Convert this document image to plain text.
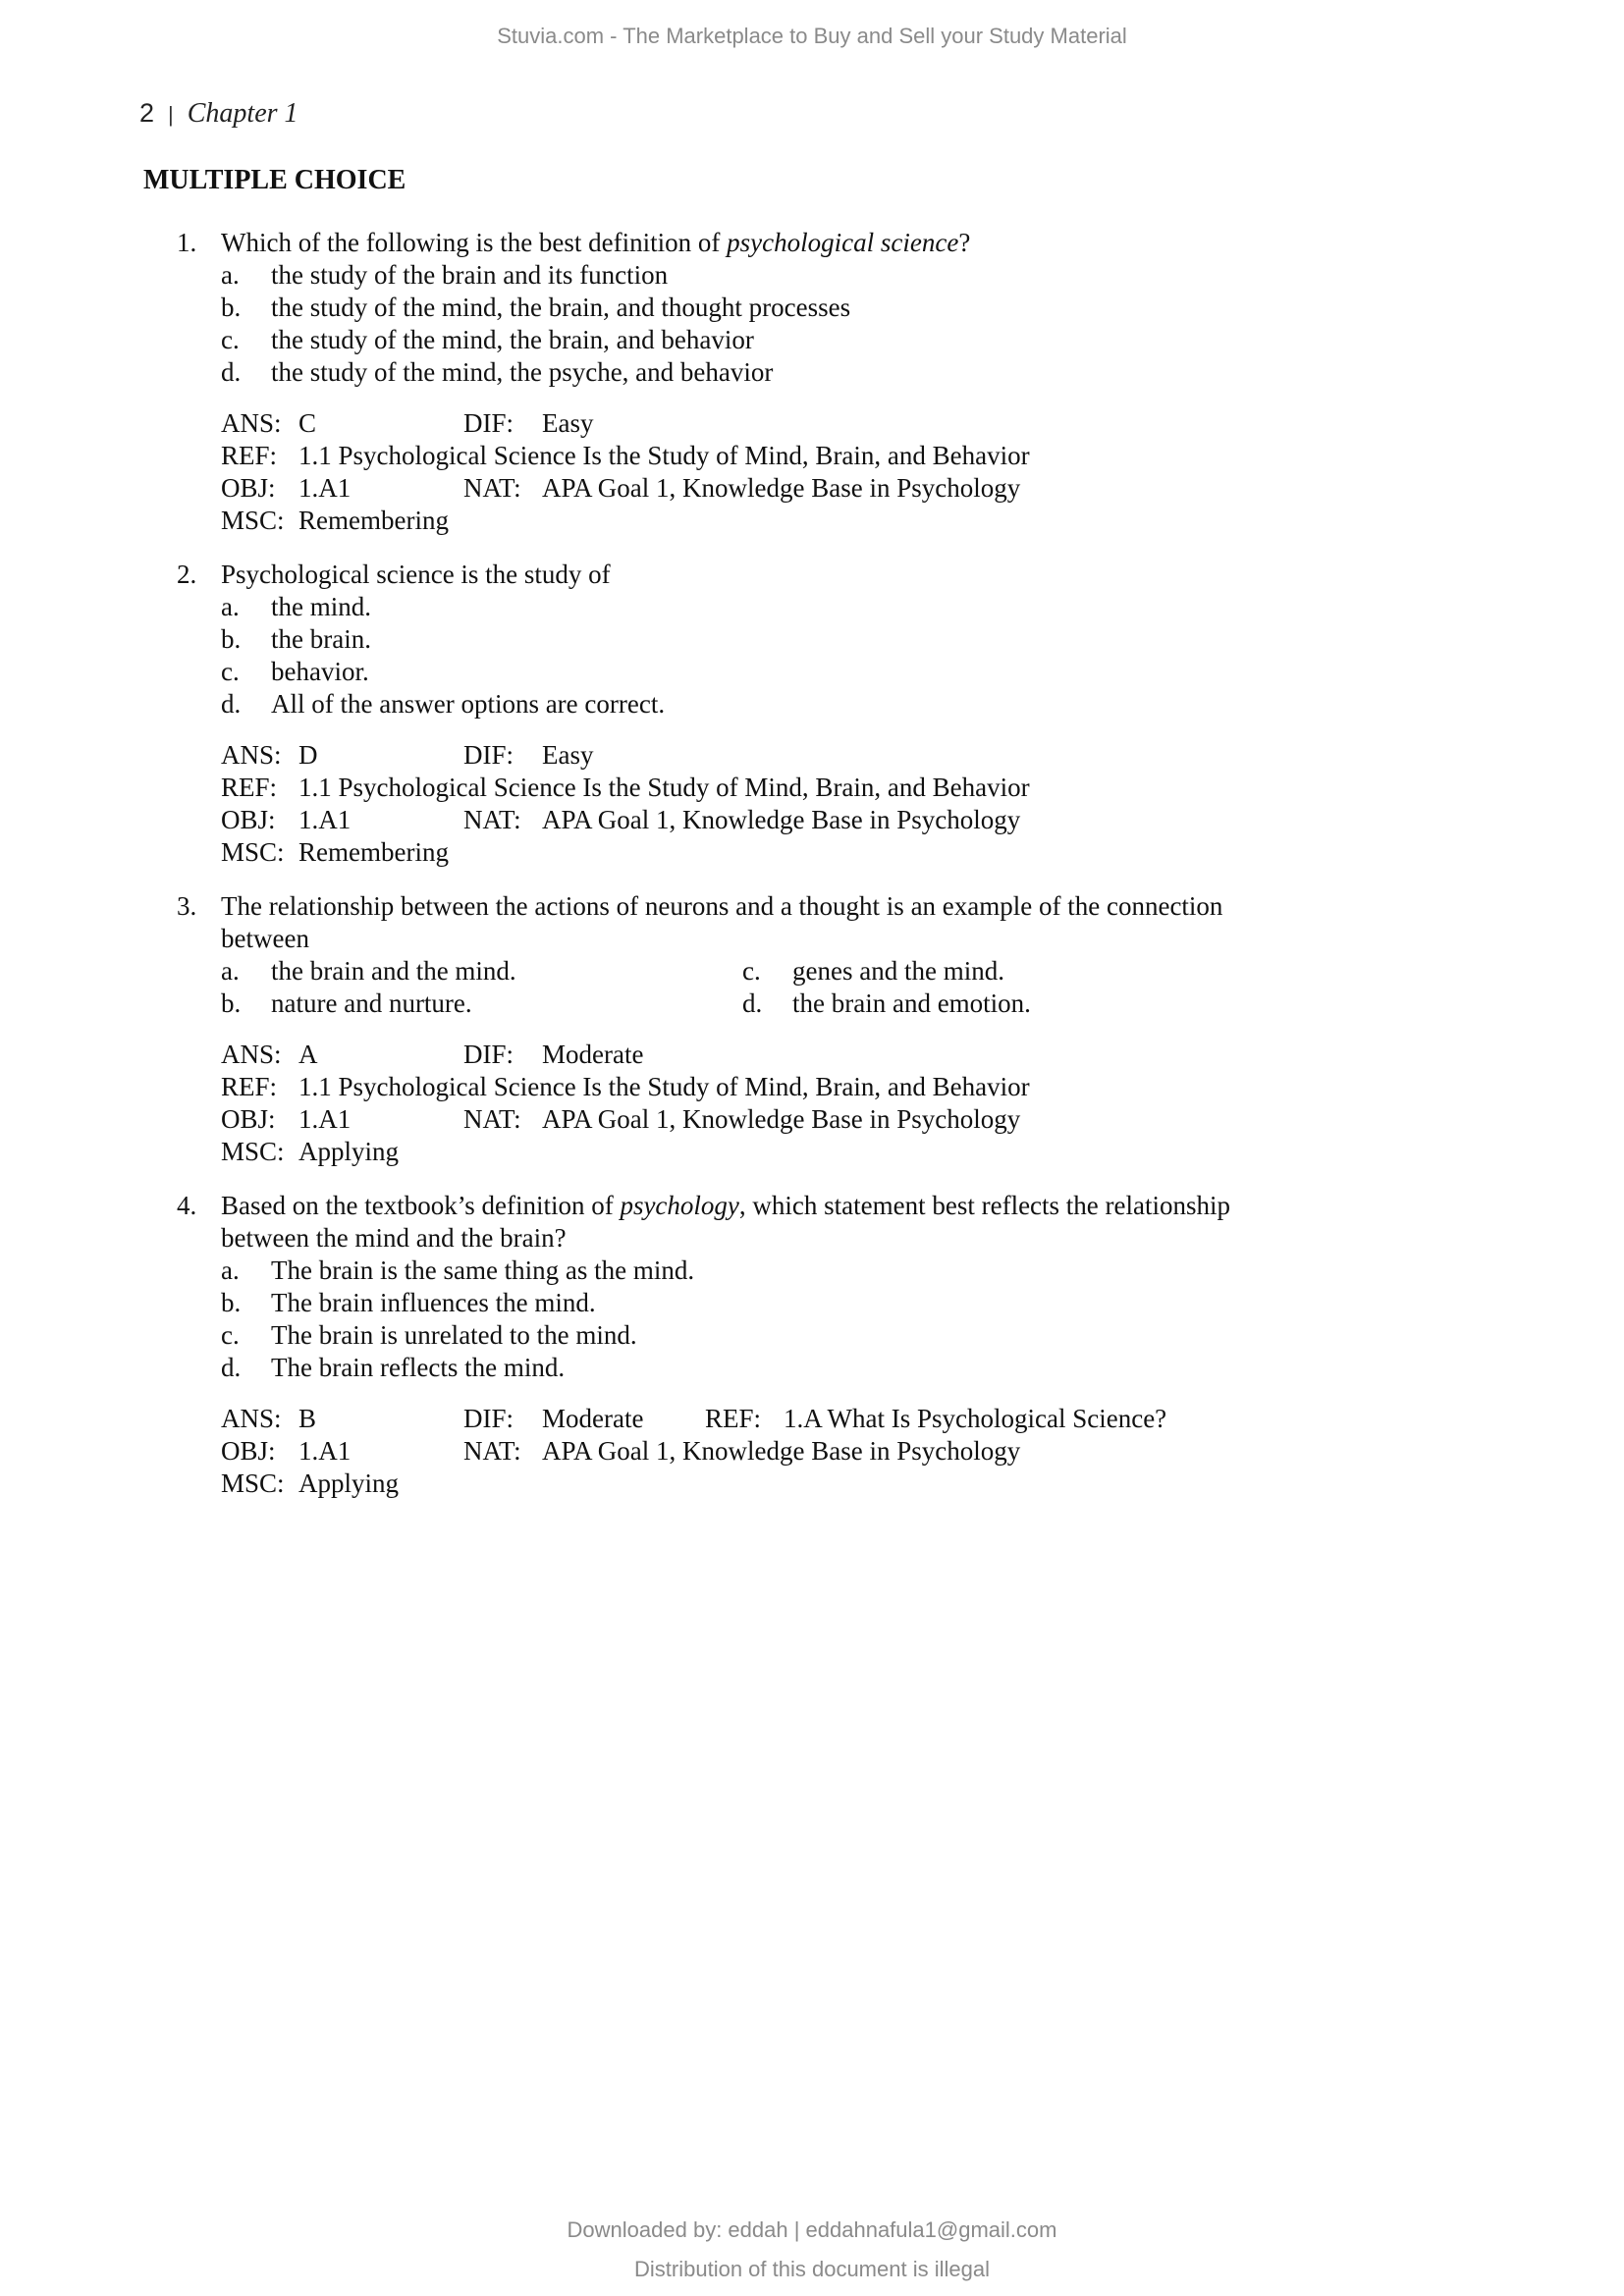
Stuvia.com - The Marketplace to Buy and Sell your Study Material
2 | Chapter 1
MULTIPLE CHOICE
1. Which of the following is the best definition of psychological science?
a. the study of the brain and its function
b. the study of the mind, the brain, and thought processes
c. the study of the mind, the brain, and behavior
d. the study of the mind, the psyche, and behavior
ANS: C	DIF: Easy
REF: 1.1 Psychological Science Is the Study of Mind, Brain, and Behavior
OBJ: 1.A1	NAT: APA Goal 1, Knowledge Base in Psychology
MSC: Remembering
2. Psychological science is the study of
a. the mind.
b. the brain.
c. behavior.
d. All of the answer options are correct.
ANS: D	DIF: Easy
REF: 1.1 Psychological Science Is the Study of Mind, Brain, and Behavior
OBJ: 1.A1	NAT: APA Goal 1, Knowledge Base in Psychology
MSC: Remembering
3. The relationship between the actions of neurons and a thought is an example of the connection
between
a. the brain and the mind.	c. genes and the mind.
b. nature and nurture.	d. the brain and emotion.
ANS: A	DIF: Moderate
REF: 1.1 Psychological Science Is the Study of Mind, Brain, and Behavior
OBJ: 1.A1	NAT: APA Goal 1, Knowledge Base in Psychology
MSC: Applying
4. Based on the textbook’s definition of psychology, which statement best reflects the relationship
between the mind and the brain?
a. The brain is the same thing as the mind.
b. The brain influences the mind.
c. The brain is unrelated to the mind.
d. The brain reflects the mind.
ANS: B	DIF: Moderate REF: 1.A What Is Psychological Science?
OBJ: 1.A1	NAT: APA Goal 1, Knowledge Base in Psychology
MSC: Applying
Downloaded by: eddah | eddahnafula1@gmail.com
Distribution of this document is illegal
